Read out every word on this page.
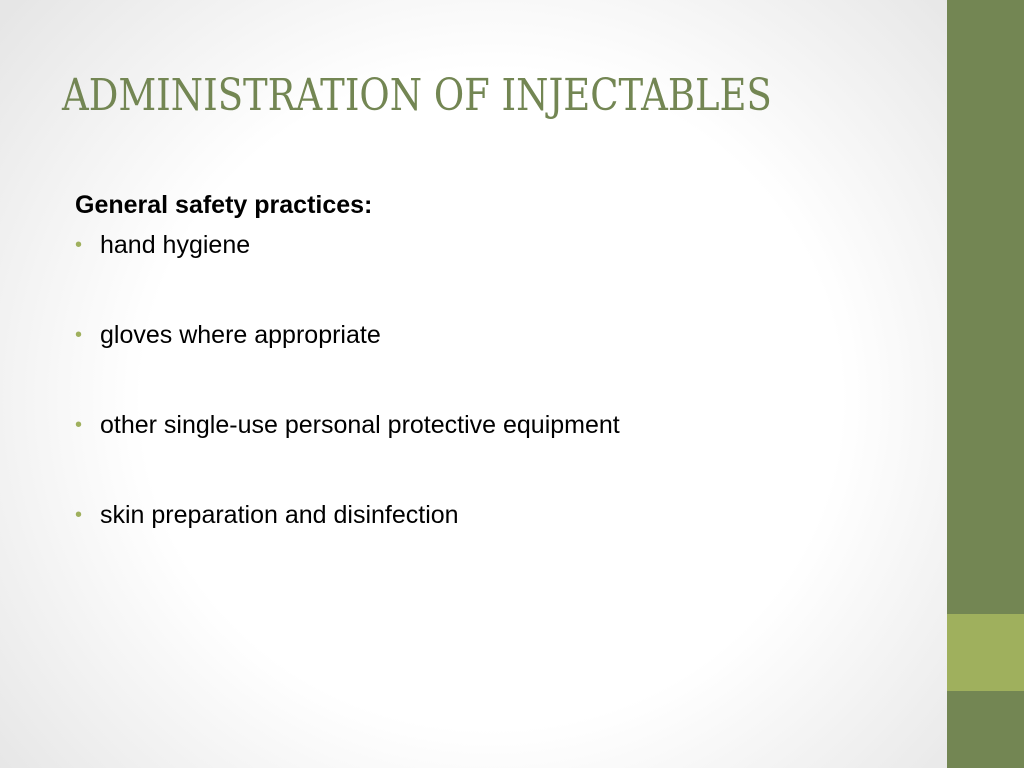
ADMINISTRATION OF INJECTABLES

General safety practices:

• hand hygiene
• gloves where appropriate
• other single-use personal protective equipment
• skin preparation and disinfection
